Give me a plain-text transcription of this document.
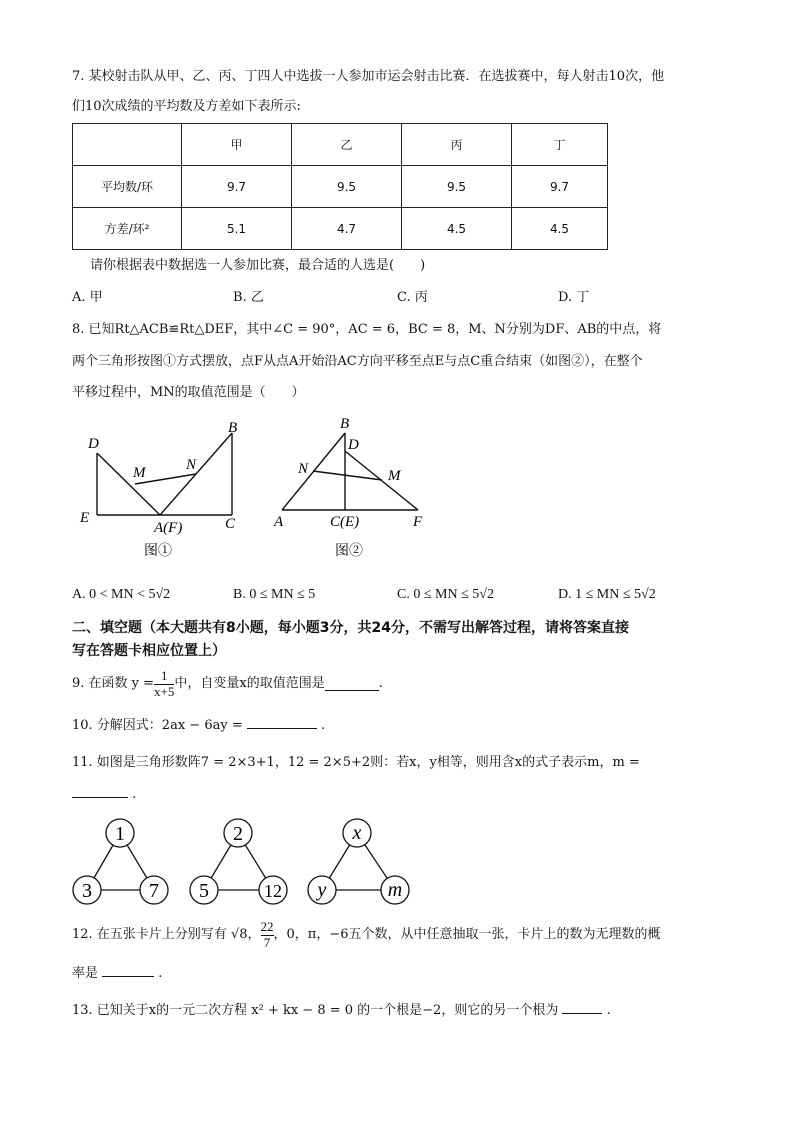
7. 某校射击队从甲、乙、丙、丁四人中选拔一人参加市运会射击比赛．在选拔赛中，每人射击10次，他
们10次成绩的平均数及方差如下表所示:
	甲	乙	丙	丁
平均数/环	9.7	9.5	9.5	9.7
方差/环²	5.1	4.7	4.5	4.5
请你根据表中数据选一人参加比赛，最合适的人选是(　　)
A. 甲	B. 乙	C. 丙	D. 丁
8. 已知Rt△ACB≌Rt△DEF，其中∠C = 90°，AC = 6，BC = 8，M、N分别为DF、AB的中点，将
两个三角形按图①方式摆放，点F从点A开始沿AC方向平移至点E与点C重合结束（如图②），在整个
平移过程中，MN的取值范围是（　　）
D
B
M	N
E
A(F)	C
图①
B
D
N	M
A	C(E)	F
图②
A. 0 < MN < 5√2	B. 0 ≤ MN ≤ 5	C. 0 ≤ MN ≤ 5√2	D. 1 ≤ MN ≤ 5√2
二、填空题（本大题共有8小题，每小题3分，共24分，不需写出解答过程，请将答案直接
写在答题卡相应位置上）
9. 在函数 $y = \frac{1}{x+5}$ 中，自变量x的取值范围是	.
10. 分解因式：2ax − 6ay =	.
11. 如图是三角形数阵7 = 2×3+1，12 = 2×5+2则：若x，y相等，则用含x的式子表示m，m =
.
1
3	7
2
5	12
x
y	m
12. 在五张卡片上分别写有 √8， $\frac{22}{7}$ ，0，π，−6五个数，从中任意抽取一张，卡片上的数为无理数的概
率是	.
13. 已知关于x的一元二次方程 x² + kx − 8 = 0 的一个根是−2，则它的另一个根为	.
